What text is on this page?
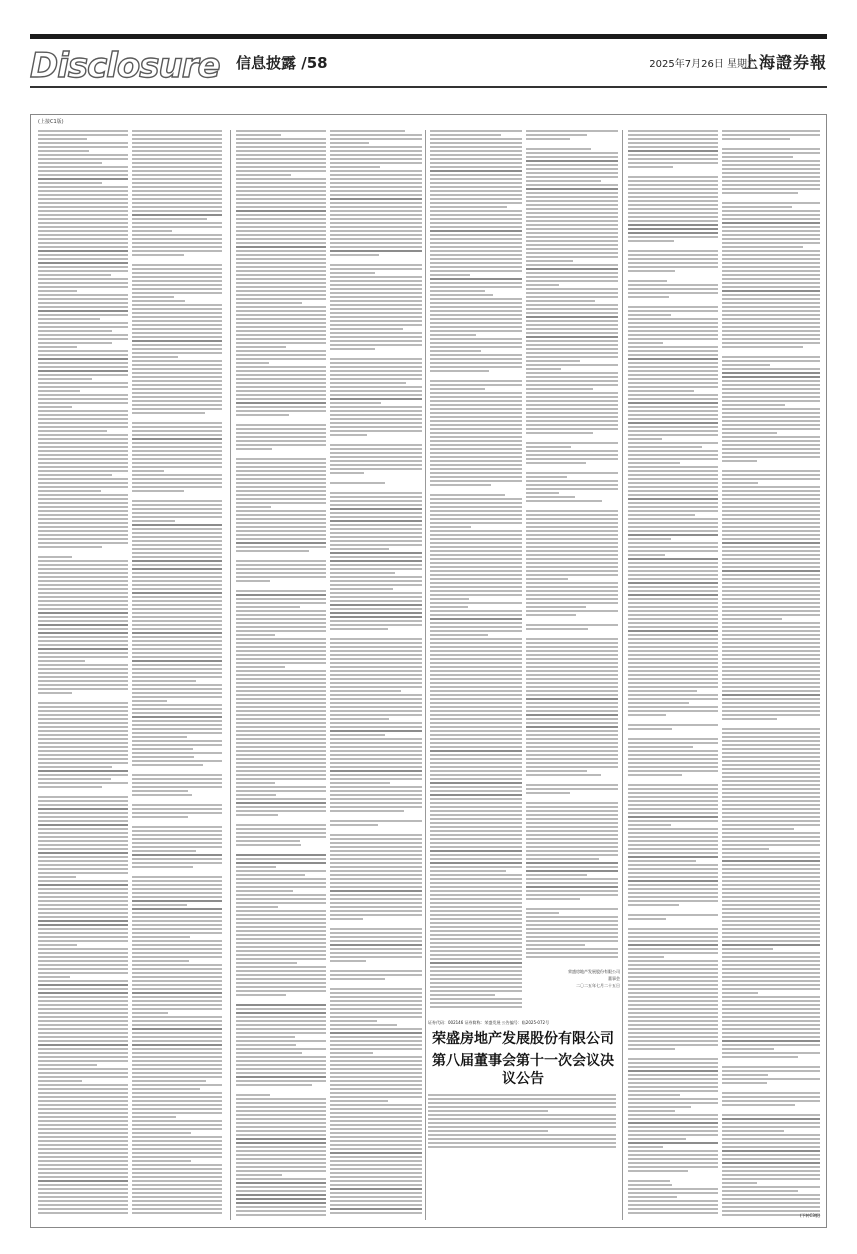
Disclosure 信息披露 /58	2025年7月26日 星期六
上海證券報
(上接C1版)
证券代码：002146 证券简称：荣盛发展 公告编号：临2025-072号
荣盛房地产发展股份有限公司
第八届董事会第十一次会议决议公告
荣盛房地产发展股份有限公司
董事会
二〇二五年七月二十五日
(下转C3版)
